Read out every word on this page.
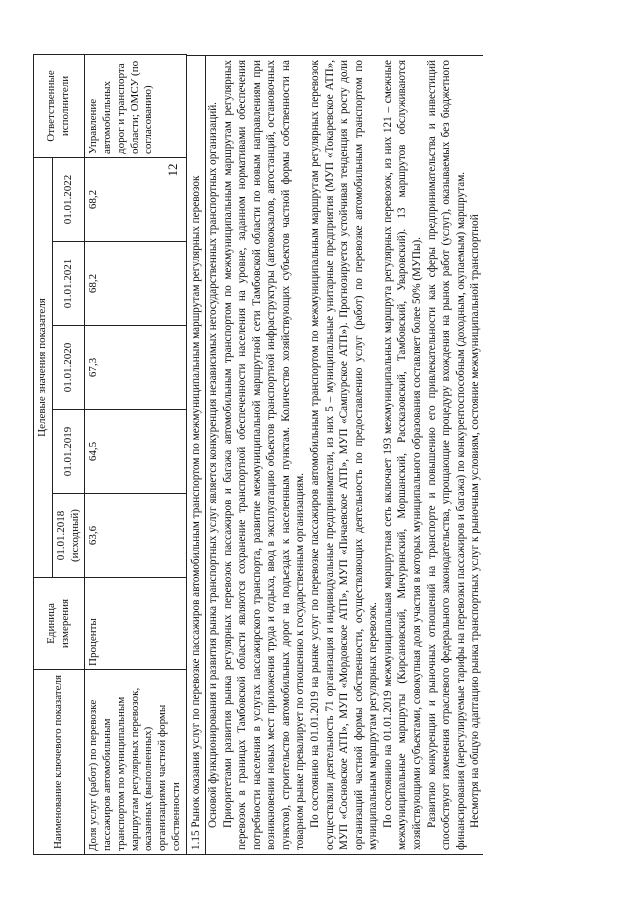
12
Наименование ключевого показателя	Единица измерения	Целевые значения показателя					Ответственные исполнители
		01.01.2018 (исходный)	01.01.2019	01.01.2020	01.01.2021	01.01.2022	
Доля услуг (работ) по перевозке пассажиров автомобильным транспортом по муниципальным маршрутам регулярных перевозок, оказанных (выполненных) организациями частной формы собственности	Проценты	63,6	64,5	67,3	68,2	68,2	Управление автомобильных дорог и транспорта области; ОМСУ (по согласованию)
1.15 Рынок оказания услуг по перевозке пассажиров автомобильным транспортом по межмуниципальным маршрутам регулярных перевозок Основой функционирования и развития рынка транспортных услуг является конкуренция независимых негосударственных транспортных организаций. Приоритетами развития рынка регулярных перевозок пассажиров и багажа автомобильным транспортом по межмуниципальным маршрутам регулярных перевозок в границах Тамбовской области являются сохранение транспортной обеспеченности населения на уровне, заданном нормативами обеспечения потребности населения в услугах пассажирского транспорта, развитие межмуниципальной маршрутной сети Тамбовской области по новым направлениям при возникновении новых мест приложения труда и отдыха, ввод в эксплуатацию объектов транспортной инфраструктуры (автовокзалов, автостанций, остановочных пунктов), строительство автомобильных дорог на подъездах к населенным пунктам. Количество хозяйствующих субъектов частной формы собственности на товарном рынке превалирует по отношению к государственным организациям. По состоянию на 01.01.2019 на рынке услуг по перевозке пассажиров автомобильным транспортом по межмуниципальным маршрутам регулярных перевозок осуществляли деятельность 71 организация и индивидуальные предприниматели, из них 5 – муниципальные унитарные предприятия (МУП «Токаревское АТП», МУП «Сосновское АТП», МУП «Мордовское АТП», МУП «Пичаевское АТП», МУП «Сампурское АТП»). Прогнозируется устойчивая тенденция к росту доли организаций частной формы собственности, осуществляющих деятельность по предоставлению услуг (работ) по перевозке автомобильным транспортом по муниципальным маршрутам регулярных перевозок. По состоянию на 01.01.2019 межмуниципальная маршрутная сеть включает 193 межмуниципальных маршрута регулярных перевозок, из них 121 – смежные межмуниципальные маршруты (Кирсановский, Мичуринский, Моршанский, Рассказовский, Тамбовский, Уваровский). 13 маршрутов обслуживаются хозяйствующими субъектами, совокупная доля участия в которых муниципального образования составляет более 50% (МУПы). Развитию конкуренции и рыночных отношений на транспорте и повышению его привлекательности как сферы предпринимательства и инвестиций способствуют изменения отраслевого федерального законодательства, упрощающие процедуру вхождения на рынок работ (услуг), оказываемых без бюджетного финансирования (нерегулируемые тарифы на перевозки пассажиров и багажа) по конкурентоспособным (доходным, окупаемым) маршрутам. Несмотря на общую адаптацию рынка транспортных услуг к рыночным условиям, состояние межмуниципальной транспортной
